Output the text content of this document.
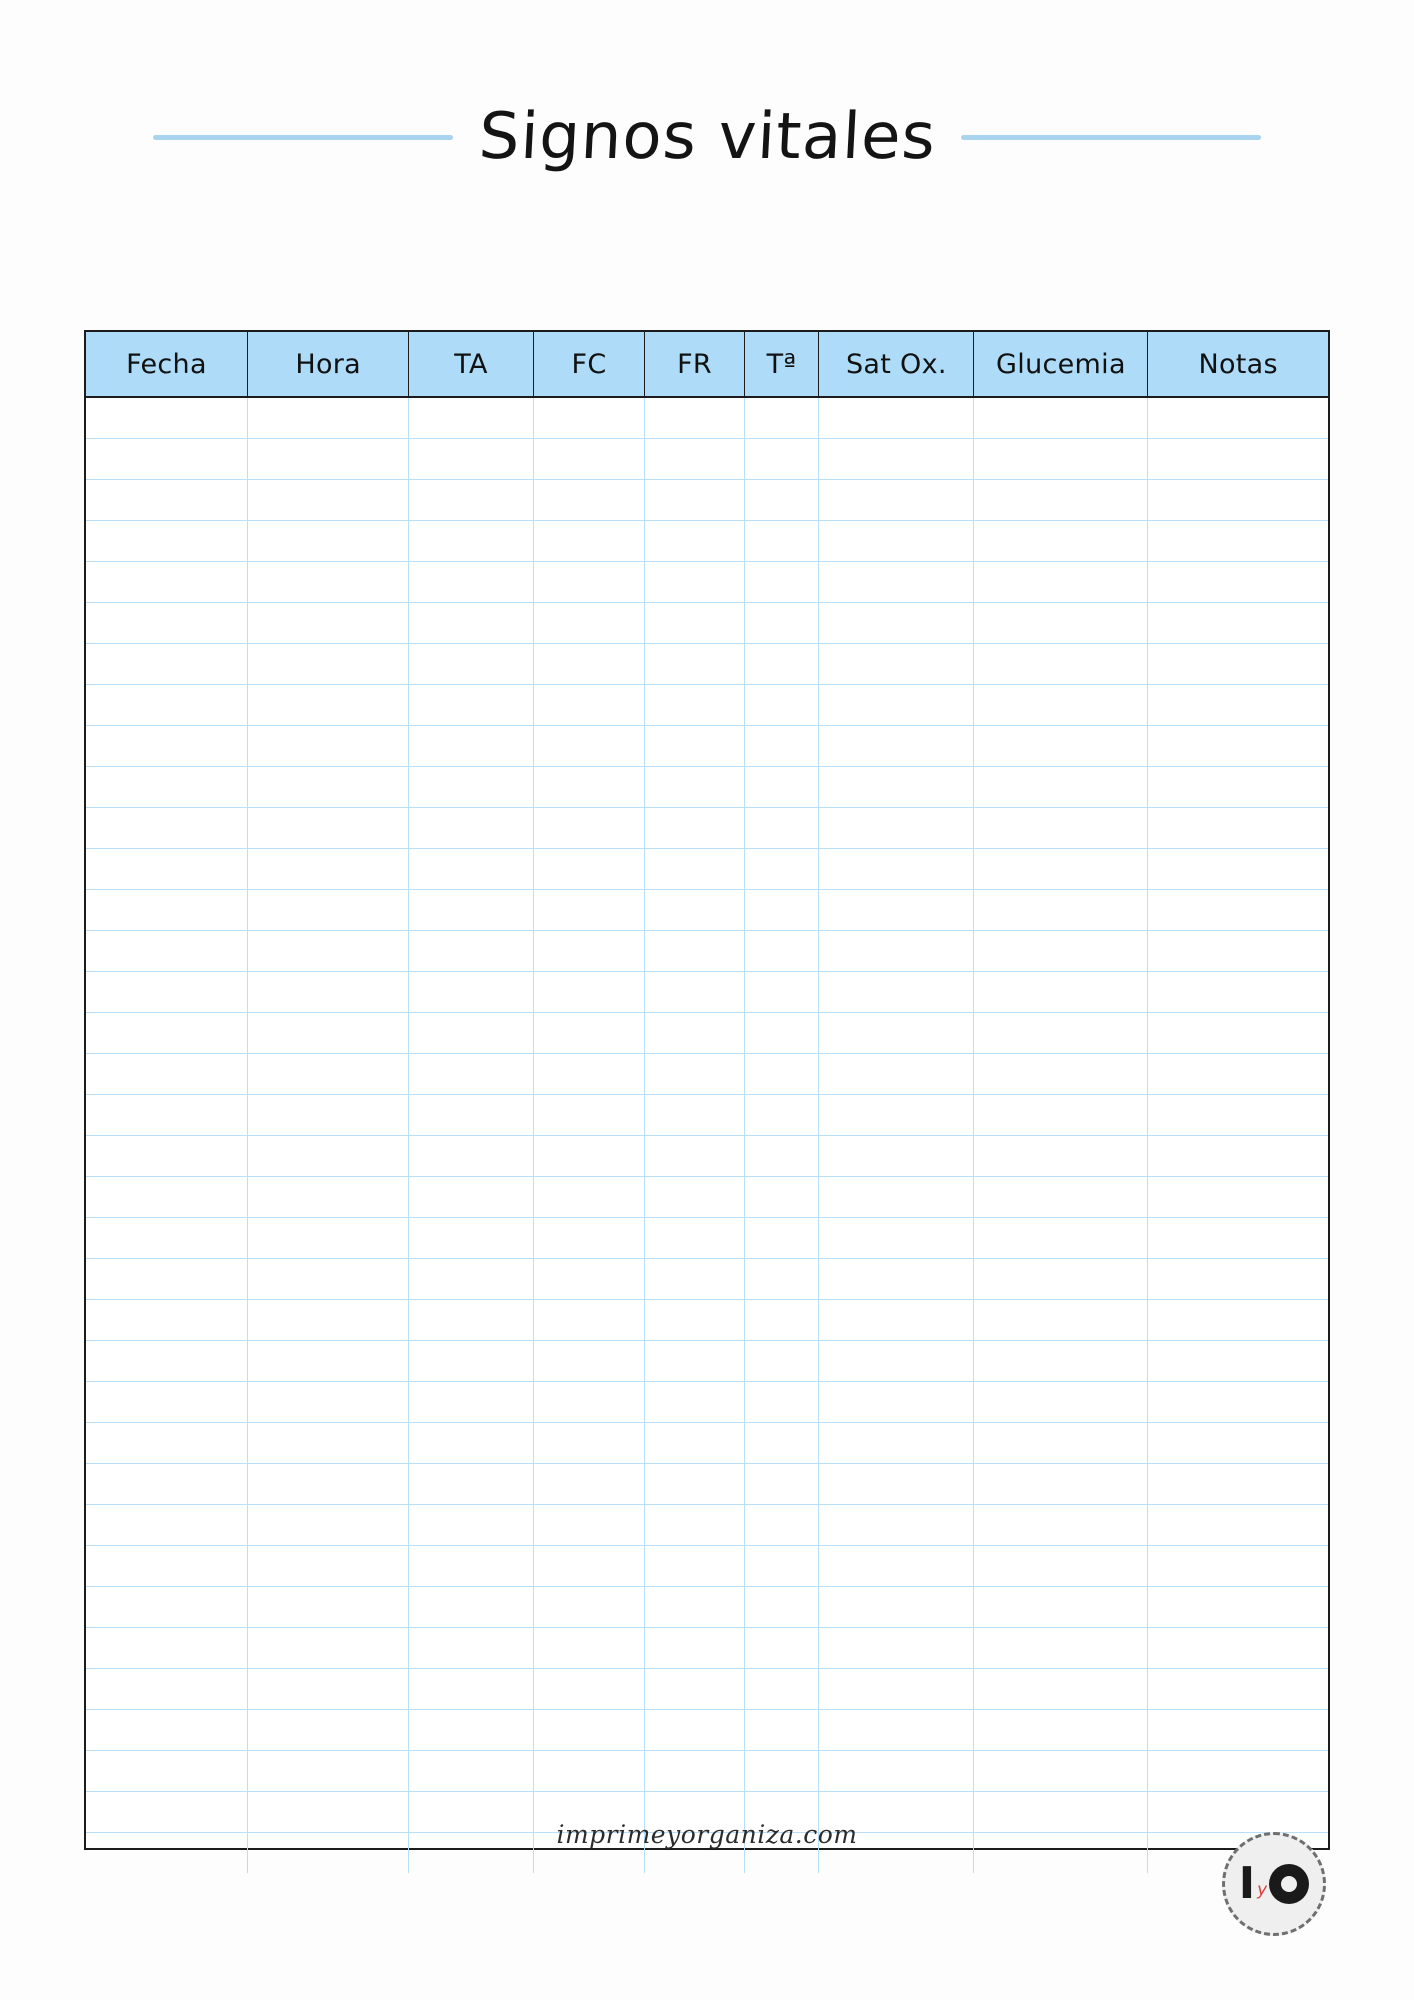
Signos vitales
Fecha	Hora	TA	FC	FR	Tª	Sat Ox.	Glucemia	Notas

imprimeyorganiza.com
I y
